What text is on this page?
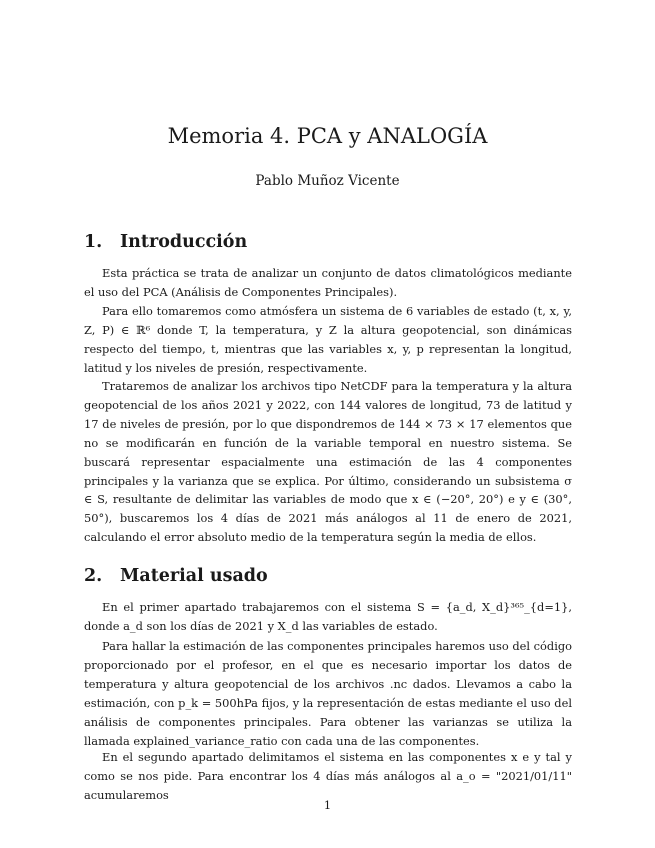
Memoria 4. PCA y ANALOGÍA
Pablo Muñoz Vicente
1. Introducción
Esta práctica se trata de analizar un conjunto de datos climatológicos mediante el uso del PCA (Análisis de Componentes Principales).
Para ello tomaremos como atmósfera un sistema de 6 variables de estado (t, x, y, Z, P) ∈ ℝ⁶ donde T, la temperatura, y Z la altura geopotencial, son dinámicas respecto del tiempo, t, mientras que las variables x, y, p representan la longitud, latitud y los niveles de presión, respectivamente.
Trataremos de analizar los archivos tipo NetCDF para la temperatura y la altura geopotencial de los años 2021 y 2022, con 144 valores de longitud, 73 de latitud y 17 de niveles de presión, por lo que dispondremos de 144 × 73 × 17 elementos que no se modificarán en función de la variable temporal en nuestro sistema. Se buscará representar espacialmente una estimación de las 4 componentes principales y la varianza que se explica. Por último, considerando un subsistema σ ∈ S, resultante de delimitar las variables de modo que x ∈ (−20°, 20°) e y ∈ (30°, 50°), buscaremos los 4 días de 2021 más análogos al 11 de enero de 2021, calculando el error absoluto medio de la temperatura según la media de ellos.
2. Material usado
En el primer apartado trabajaremos con el sistema S = {a_d, X_d}³⁶⁵_{d=1}, donde a_d son los días de 2021 y X_d las variables de estado.
Para hallar la estimación de las componentes principales haremos uso del código proporcionado por el profesor, en el que es necesario importar los datos de temperatura y altura geopotencial de los archivos .nc dados. Llevamos a cabo la estimación, con p_k = 500hPa fijos, y la representación de estas mediante el uso del análisis de componentes principales. Para obtener las varianzas se utiliza la llamada explained_variance_ratio con cada una de las componentes.
En el segundo apartado delimitamos el sistema en las componentes x e y tal y como se nos pide. Para encontrar los 4 días más análogos al a_o = "2021/01/11" acumularemos
1
